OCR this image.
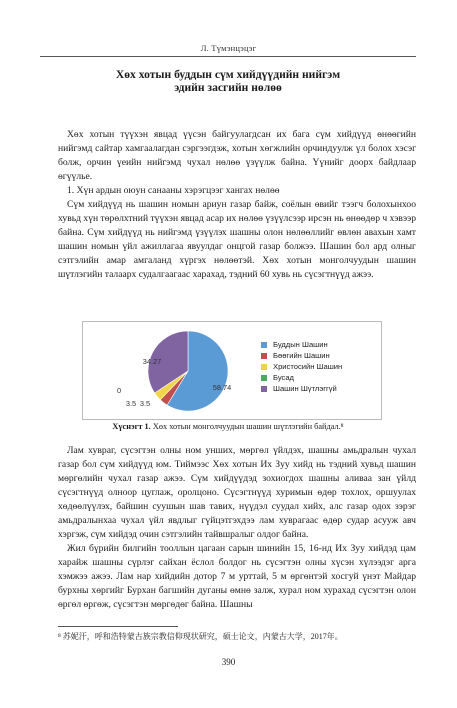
Л. Түмэнцэцэг
Хөх хотын буддын сүм хийдүүдийн нийгэм
эдийн засгийн нөлөө

Хөх хотын түүхэн явцад үүсэн байгуулагдсан их бага сүм хийдүүд өнөөгийн нийгэмд сайтар хамгаалагдан сэргээгдэж, хотын хөгжлийн орчиндуулж үл болох хэсэг болж, орчин үеийн нийгэмд чухал нөлөө үзүүлж байна. Үүнийг доорх байдлаар өгүүлье.

1. Хүн ардын оюун санааны хэрэгцээг хангах нөлөө

Сүм хийдүүд нь шашин номын ариун газар байж, соёлын өвийг тээгч болохынхоо хувьд хүн төрөлхтний түүхэн явцад асар их нөлөө үзүүлсээр ирсэн нь өнөөдөр ч хэвээр байна. Сүм хийдүүд нь нийгэмд үзүүлэх шашны олон нөлөөллийг өвлөн авахын хамт шашин номын үйл ажиллагаа явуулдаг онцгой газар болжээ. Шашин бол ард олныг сэтгэлийн амар амгаланд хүргэх нөлөөтэй. Хөх хотын монголчуудын шашин шүтлэгийн талаарх судалгаагаас харахад, тэдний 60 хувь нь сүсэгтнүүд ажээ.

58.74
3.5 3.5
0
34.27
Буддын Шашин
Бөөгийн Шашин
Христосийн Шашин
Бусад
Шашин Шүтлэггүй
Хүснэгт 1. Хөх хотын монголчуудын шашин шүтлэгийн байдал.⁸

Лам хувраг, сүсэгтэн олны ном унших, мөргөл үйлдэх, шашны амьдралын чухал газар бол сүм хийдүүд юм. Тиймээс Хөх хотын Их Зуу хийд нь тэдний хувьд шашин мөргөлийн чухал газар ажээ. Сүм хийдүүдэд зохиогдох шашны аливаа зан үйлд сүсэгтнүүд олноор цуглаж, оролцоно. Сүсэгтнүүд хуримын өдөр тохлох, оршуулах хөдөөлүүлэх, байшин суушын шав тавих, нүүдэл суудал хийх, алс газар одох зэрэг амьдралынхаа чухал үйл явдлыг гүйцэтгэхдээ лам хуврагаас өдөр судар асууж авч хэргэж, сүм хийдэд очин сэтгэлийн тайвшралыг олдог байна.

Жил бүрийн билгийн тооллын цагаан сарын шинийн 15, 16-нд Их Зуу хийдэд цам харайж шашны сүрлэг сайхан ёслол болдог нь сүсэгтэн олны хүсэн хүлээдэг арга хэмжээ ажээ. Лам нар хийдийн дотор 7 м урттай, 5 м өргөнтэй хосгуй үнэт Майдар бурхны хөргийг Бурхан багшийн дуганы өмнө залж, хурал ном хурахад сүсэгтэн олон өргөл өргөж, сүсэгтэн мөргөдөг байна. Шашны

⁸ 苏妮汗，呼和浩特蒙古族宗教信仰现状研究，硕士论文，内蒙古大学，2017年。
390
